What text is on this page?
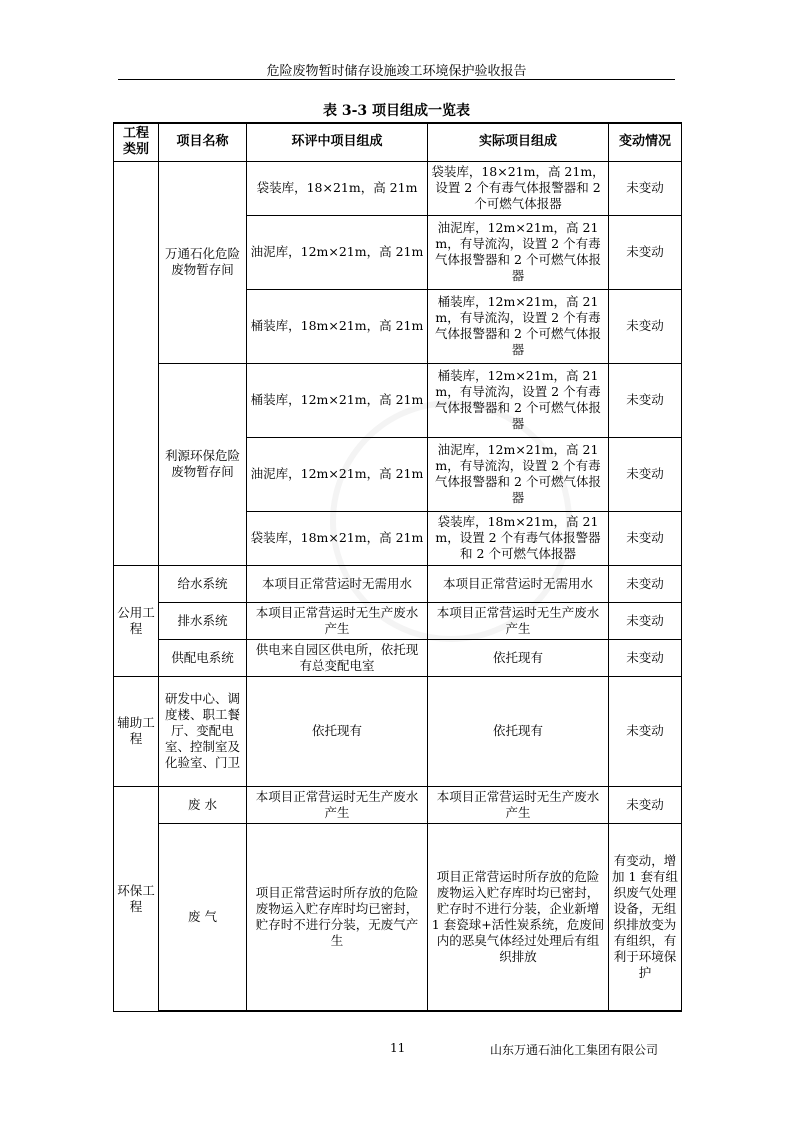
危险废物暂时储存设施竣工环境保护验收报告
表 3-3 项目组成一览表
工程类别	项目名称	环评中项目组成	实际项目组成	变动情况
	万通石化危险废物暂存间	袋装库，18×21m，高 21m	袋装库，18×21m，高 21m，设置 2 个有毒气体报警器和 2 个可燃气体报器	未变动
		油泥库，12m×21m，高 21m	油泥库，12m×21m，高 21m，有导流沟，设置 2 个有毒气体报警器和 2 个可燃气体报器	未变动
		桶装库，18m×21m，高 21m	桶装库，12m×21m，高 21m，有导流沟，设置 2 个有毒气体报警器和 2 个可燃气体报器	未变动
	利源环保危险废物暂存间	桶装库，12m×21m，高 21m	桶装库，12m×21m，高 21m，有导流沟，设置 2 个有毒气体报警器和 2 个可燃气体报器	未变动
		油泥库，12m×21m，高 21m	油泥库，12m×21m，高 21m，有导流沟，设置 2 个有毒气体报警器和 2 个可燃气体报器	未变动
		袋装库，18m×21m，高 21m	袋装库，18m×21m，高 21m，设置 2 个有毒气体报警器和 2 个可燃气体报器	未变动
公用工程	给水系统	本项目正常营运时无需用水	本项目正常营运时无需用水	未变动
	排水系统	本项目正常营运时无生产废水产生	本项目正常营运时无生产废水产生	未变动
	供配电系统	供电来自园区供电所，依托现有总变配电室	依托现有	未变动
辅助工程	研发中心、调度楼、职工餐厅、变配电室、控制室及化验室、门卫	依托现有	依托现有	未变动
环保工程	废 水	本项目正常营运时无生产废水产生	本项目正常营运时无生产废水产生	未变动
	废 气	项目正常营运时所存放的危险废物运入贮存库时均已密封，贮存时不进行分装，无废气产生	项目正常营运时所存放的危险废物运入贮存库时均已密封，贮存时不进行分装，企业新增 1 套瓷球+活性炭系统，危废间内的恶臭气体经过处理后有组织排放	有变动，增加 1 套有组织废气处理设备，无组织排放变为有组织，有利于环境保护
11	山东万通石油化工集团有限公司
